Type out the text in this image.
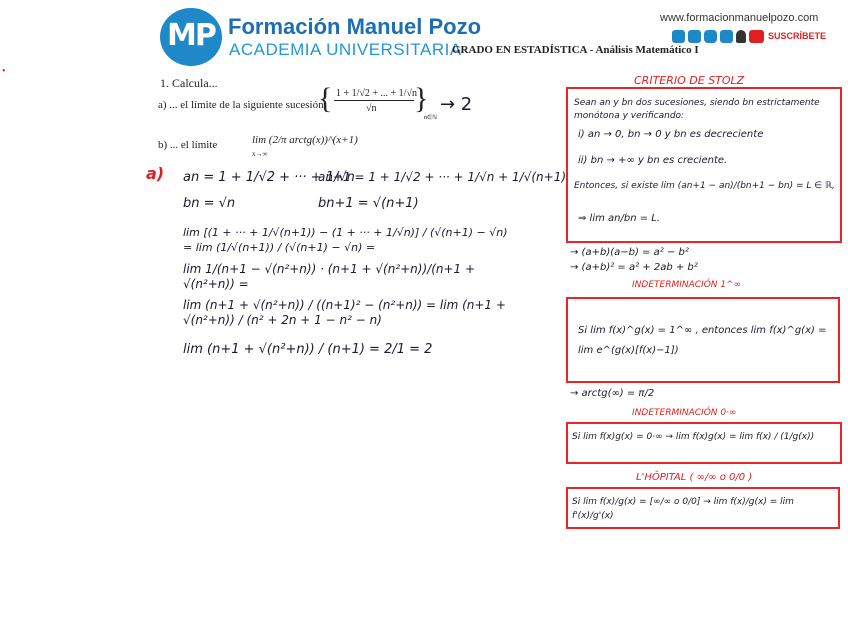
MP Formación Manuel Pozo
ACADEMIA UNIVERSITARIA
www.formacionmanuelpozo.com
SUSCRÍBETE
GRADO EN ESTADÍSTICA - Análisis Matemático I
•
1. Calcula...
a) ... el límite de la siguiente sucesión
{ 1 + 1/√2 + ... + 1/√n
√n }
n∈ℕ
→ 2
b) ... el límite	lim (2/π arctg(x))^(x+1)
x→∞
a) an = 1 + 1/√2 + ··· + 1/√n
an+1 = 1 + 1/√2 + ··· + 1/√n + 1/√(n+1)
bn = √n	bn+1 = √(n+1)
lim [(1 + ··· + 1/√(n+1)) − (1 + ··· + 1/√n)] / (√(n+1) − √n) = lim (1/√(n+1)) / (√(n+1) − √n) =
lim 1/(n+1 − √(n²+n)) · (n+1 + √(n²+n))/(n+1 + √(n²+n)) =
lim (n+1 + √(n²+n)) / ((n+1)² − (n²+n)) = lim (n+1 + √(n²+n)) / (n² + 2n + 1 − n² − n)
lim (n+1 + √(n²+n)) / (n+1) = 2/1 = 2
CRITERIO DE STOLZ
Sean an y bn dos sucesiones, siendo bn estrictamente monótona y verificando:
i) an → 0, bn → 0 y bn es decreciente
ii) bn → +∞ y bn es creciente.
Entonces, si existe lim (an+1 − an)/(bn+1 − bn) = L ∈ ℝ,
⇒ lim an/bn = L.
→ (a+b)(a−b) = a² − b²
→ (a+b)² = a² + 2ab + b²
INDETERMINACIÓN 1^∞
Si lim f(x)^g(x) = 1^∞ , entonces lim f(x)^g(x) = lim e^(g(x)[f(x)−1])
→ arctg(∞) = π/2
INDETERMINACIÓN 0·∞
Si lim f(x)g(x) = 0·∞ → lim f(x)g(x) = lim f(x) / (1/g(x))
L'HÔPITAL ( ∞/∞ o 0/0 )
Si lim f(x)/g(x) = [∞/∞ o 0/0] → lim f(x)/g(x) = lim f'(x)/g'(x)
